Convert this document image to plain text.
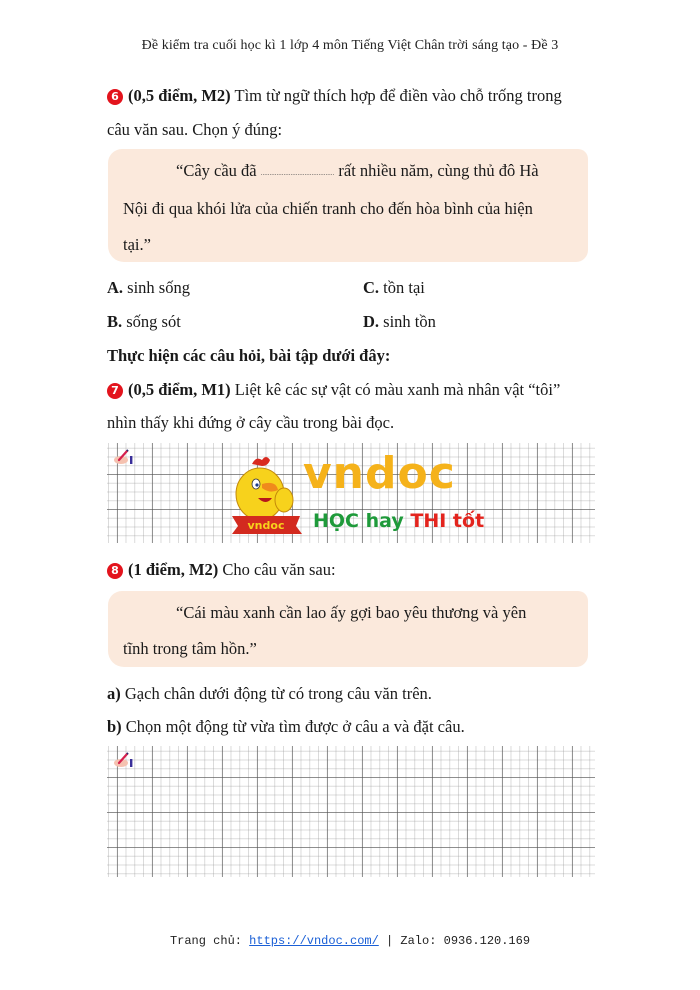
Đề kiểm tra cuối học kì 1 lớp 4 môn Tiếng Việt Chân trời sáng tạo - Đề 3
6 (0,5 điểm, M2) Tìm từ ngữ thích hợp để điền vào chỗ trống trong
câu văn sau. Chọn ý đúng:
“Cây cầu đã .......................................... rất nhiều năm, cùng thủ đô Hà
Nội đi qua khói lửa của chiến tranh cho đến hòa bình của hiện
tại.”
A. sinh sống
B. sống sót
C. tồn tại
D. sinh tồn
Thực hiện các câu hỏi, bài tập dưới đây:
7 (0,5 điểm, M1) Liệt kê các sự vật có màu xanh mà nhân vật “tôi”
nhìn thấy khi đứng ở cây cầu trong bài đọc.
vndoc
vndoc
HỌC hay THI tốt
8 (1 điểm, M2) Cho câu văn sau:
“Cái màu xanh cần lao ấy gợi bao yêu thương và yên
tĩnh trong tâm hồn.”
a) Gạch chân dưới động từ có trong câu văn trên.
b) Chọn một động từ vừa tìm được ở câu a và đặt câu.
Trang chủ: https://vndoc.com/ | Zalo: 0936.120.169
